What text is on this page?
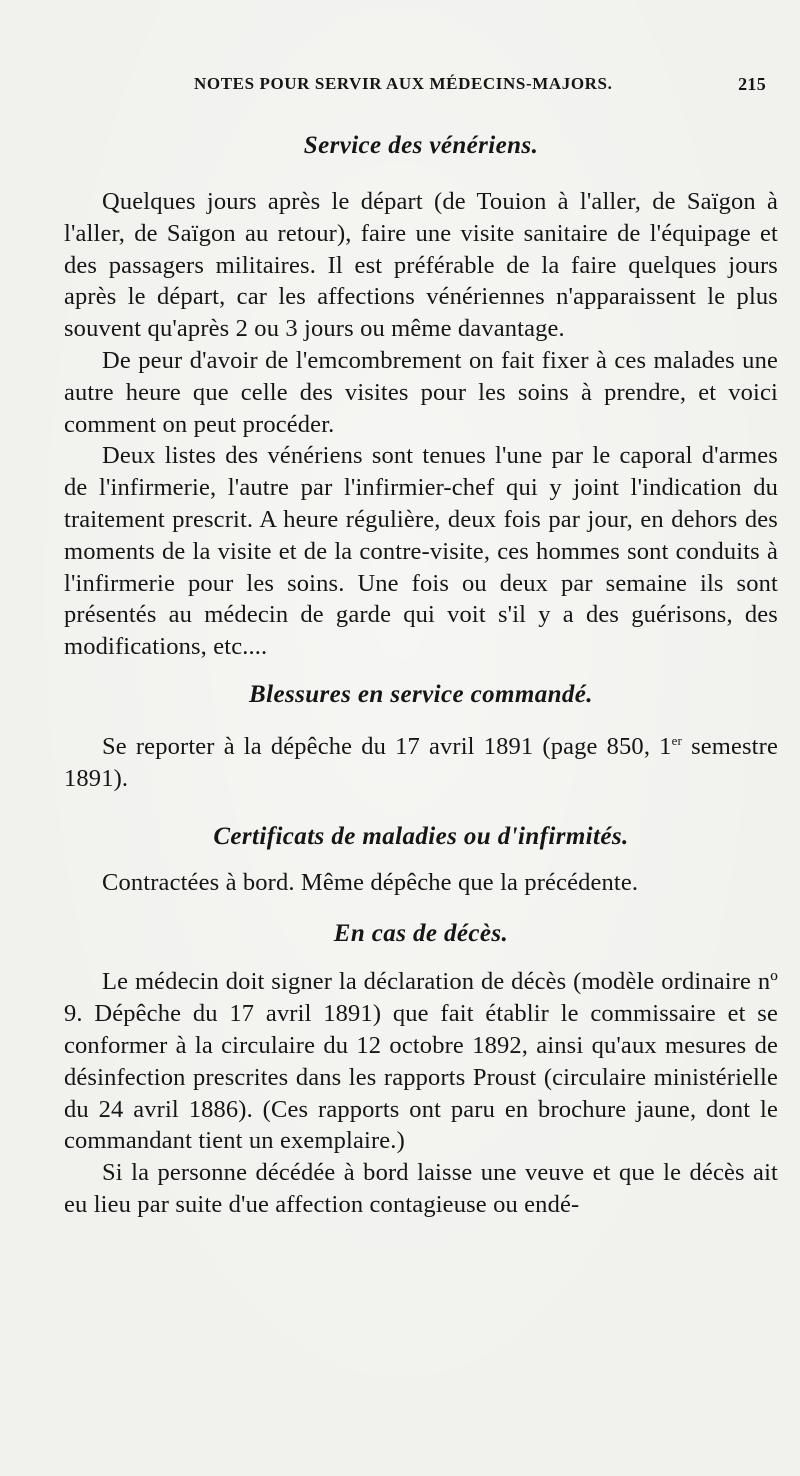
NOTES POUR SERVIR AUX MÉDECINS-MAJORS.	215
Service des vénériens.

Quelques jours après le départ (de Touion à l'aller, de Saïgon à l'aller, de Saïgon au retour), faire une visite sanitaire de l'équipage et des passagers militaires. Il est préférable de la faire quelques jours après le départ, car les affections vénériennes n'apparaissent le plus souvent qu'après 2 ou 3 jours ou même davantage.

De peur d'avoir de l'emcombrement on fait fixer à ces malades une autre heure que celle des visites pour les soins à prendre, et voici comment on peut procéder.

Deux listes des vénériens sont tenues l'une par le caporal d'armes de l'infirmerie, l'autre par l'infirmier-chef qui y joint l'indication du traitement prescrit. A heure régulière, deux fois par jour, en dehors des moments de la visite et de la contre-visite, ces hommes sont conduits à l'infirmerie pour les soins. Une fois ou deux par semaine ils sont présentés au médecin de garde qui voit s'il y a des guérisons, des modifications, etc....

Blessures en service commandé.

Se reporter à la dépêche du 17 avril 1891 (page 850, 1er semestre 1891).

Certificats de maladies ou d'infirmités.

Contractées à bord. Même dépêche que la précédente.

En cas de décès.

Le médecin doit signer la déclaration de décès (modèle ordinaire nº 9. Dépêche du 17 avril 1891) que fait établir le commissaire et se conformer à la circulaire du 12 octobre 1892, ainsi qu'aux mesures de désinfection prescrites dans les rapports Proust (circulaire ministérielle du 24 avril 1886). (Ces rapports ont paru en brochure jaune, dont le commandant tient un exemplaire.)

Si la personne décédée à bord laisse une veuve et que le décès ait eu lieu par suite d'ue affection contagieuse ou endé-
